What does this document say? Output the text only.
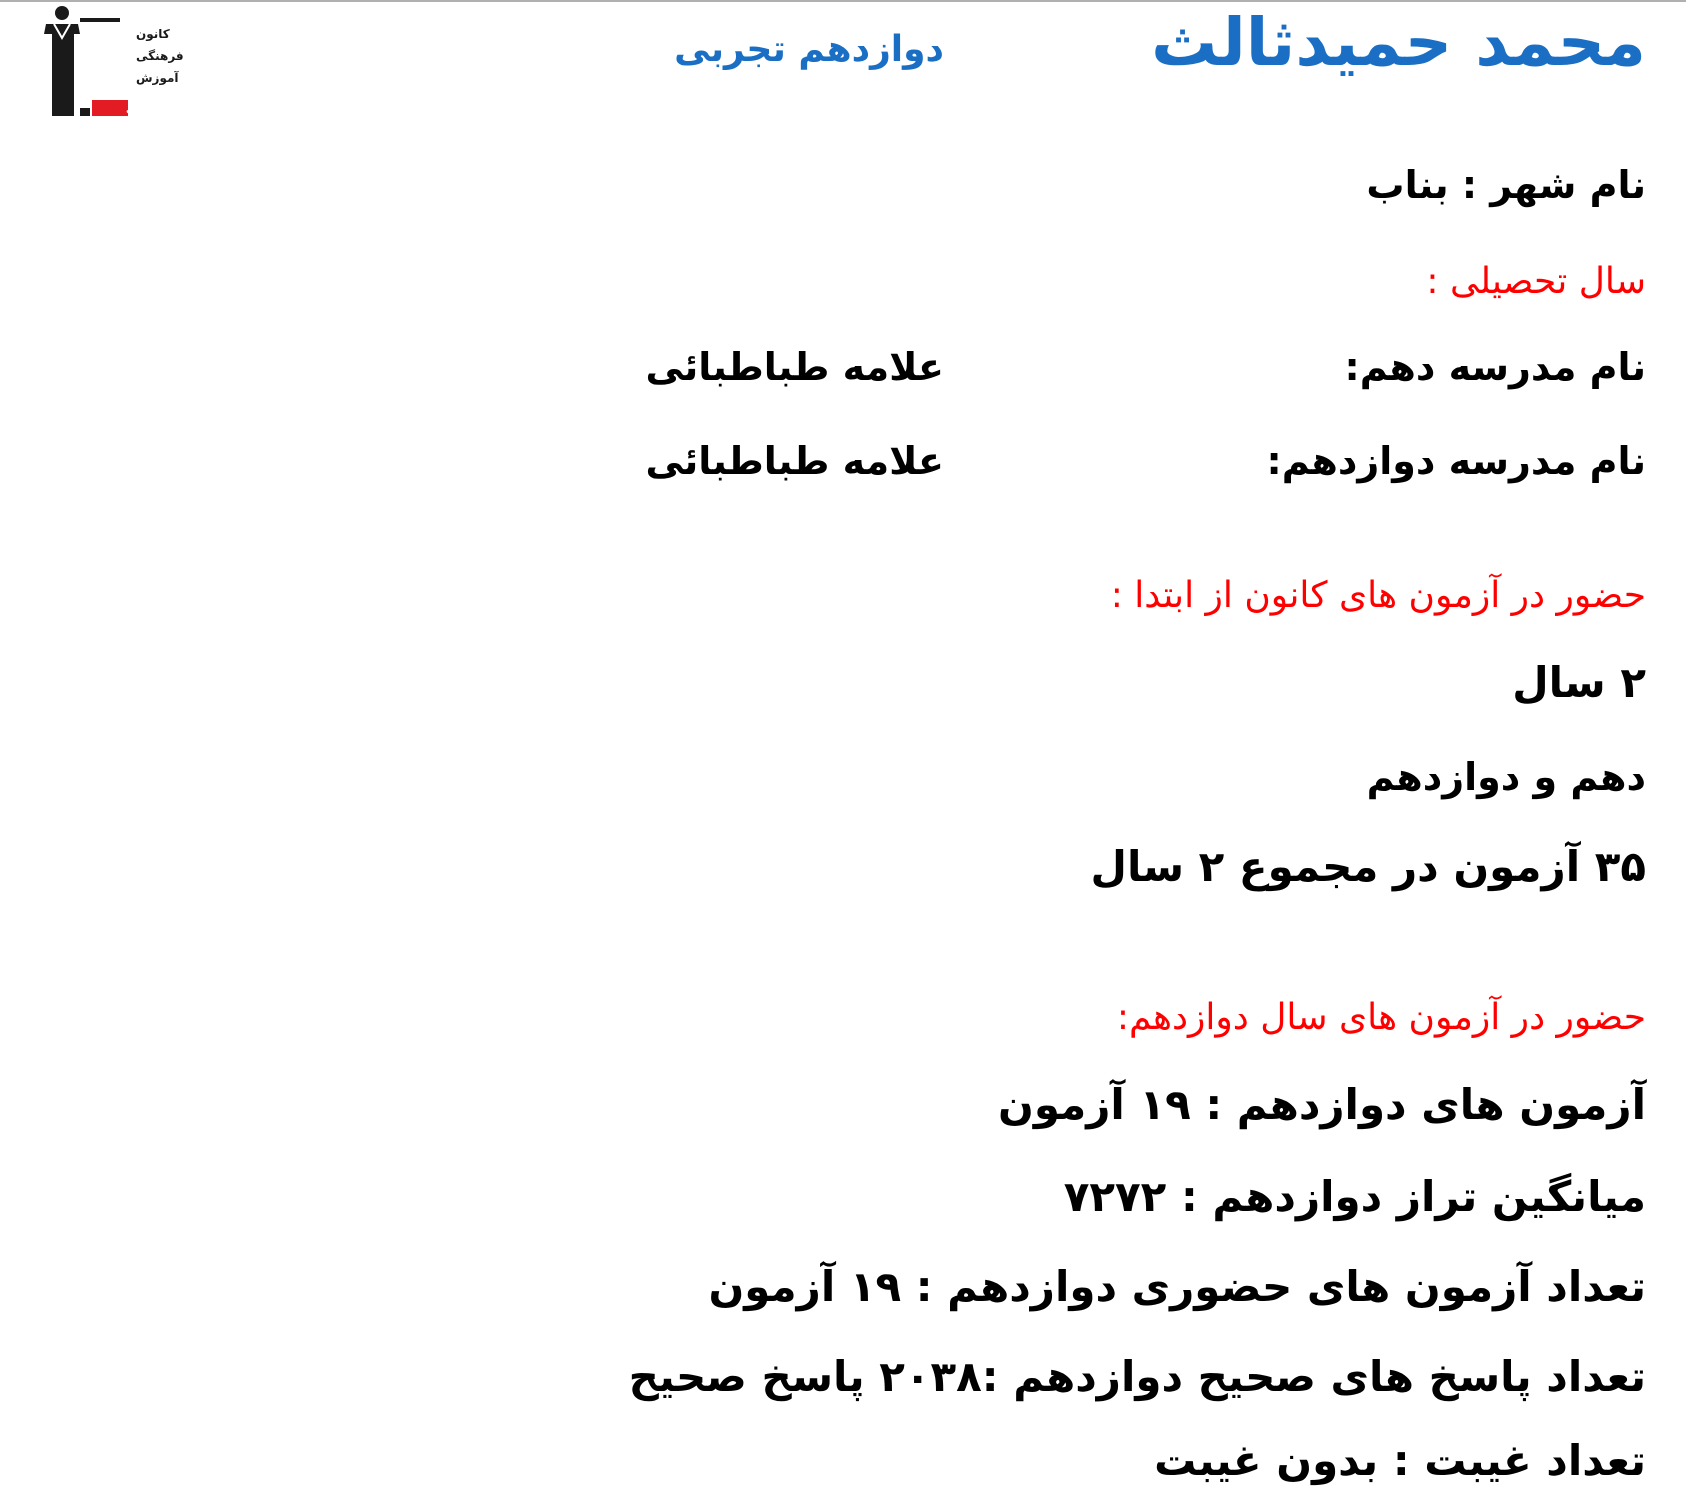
کانون
فرهنگی
آموزش
قلم چی
محمد حمیدثالث
دوازدهم تجربی
نام شهر : بناب
سال تحصیلی :
نام مدرسه دهم:
علامه طباطبائی
نام مدرسه دوازدهم:
علامه طباطبائی
حضور در آزمون های کانون از ابتدا :
۲ سال
دهم و دوازدهم
۳۵ آزمون در مجموع ۲ سال
حضور در آزمون های سال دوازدهم:
آزمون های دوازدهم : ۱۹ آزمون
میانگین تراز دوازدهم : ۷۲۷۲
تعداد آزمون های حضوری دوازدهم : ۱۹ آزمون
تعداد پاسخ های صحیح دوازدهم :۲۰۳۸ پاسخ صحیح
تعداد غیبت : بدون غیبت
